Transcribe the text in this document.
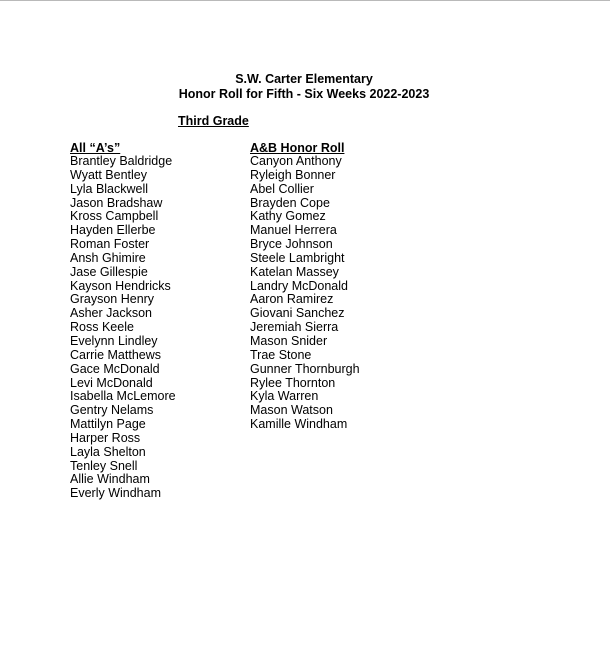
S.W. Carter Elementary
Honor Roll for Fifth - Six Weeks 2022-2023
Third Grade
All “A’s”
Brantley Baldridge
Wyatt Bentley
Lyla Blackwell
Jason Bradshaw
Kross Campbell
Hayden Ellerbe
Roman Foster
Ansh Ghimire
Jase Gillespie
Kayson Hendricks
Grayson Henry
Asher Jackson
Ross Keele
Evelynn Lindley
Carrie Matthews
Gace McDonald
Levi McDonald
Isabella McLemore
Gentry Nelams
Mattilyn Page
Harper Ross
Layla Shelton
Tenley Snell
Allie Windham
Everly Windham
A&B Honor Roll
Canyon Anthony
Ryleigh Bonner
Abel Collier
Brayden Cope
Kathy Gomez
Manuel Herrera
Bryce Johnson
Steele Lambright
Katelan Massey
Landry McDonald
Aaron Ramirez
Giovani Sanchez
Jeremiah Sierra
Mason Snider
Trae Stone
Gunner Thornburgh
Rylee Thornton
Kyla Warren
Mason Watson
Kamille Windham
